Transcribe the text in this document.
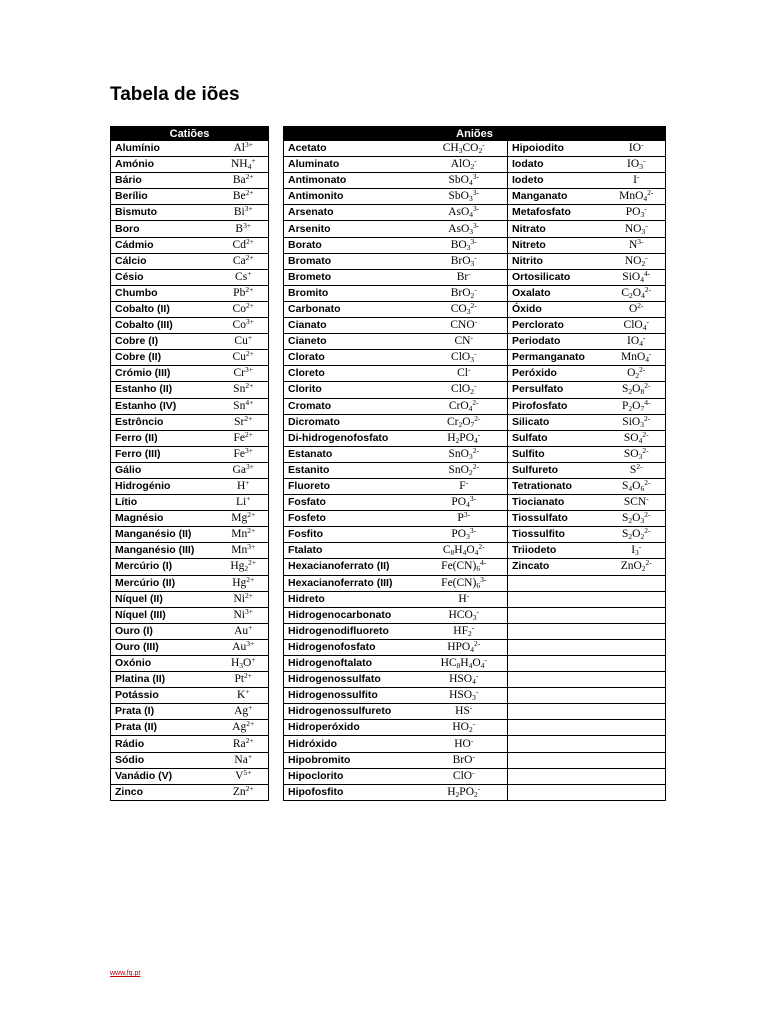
Tabela de iões
Catiões	
Alumínio	$Al^{3+}$
Amónio	$NH_4^+$
Bário	$Ba^{2+}$
Berílio	$Be^{2+}$
Bismuto	$Bi^{3+}$
Boro	$B^{3+}$
Cádmio	$Cd^{2+}$
Cálcio	$Ca^{2+}$
Césio	Cs+
Chumbo	$Pb^{2+}$
Cobalto (II)	$Co^{2+}$
Cobalto (III)	$Co^{3+}$
Cobre (I)	Cu+
Cobre (II)	$Cu^{2+}$
Crómio (III)	$Cr^{3+}$
Estanho (II)	$Sn^{2+}$
Estanho (IV)	$Sn^{4+}$
Estrôncio	$Sr^{2+}$
Ferro (II)	$Fe^{2+}$
Ferro (III)	$Fe^{3+}$
Gálio	$Ga^{3+}$
Hidrogénio	H+
Lítio	Li+
Magnésio	$Mg^{2+}$
Manganésio (II)	$Mn^{2+}$
Manganésio (III)	$Mn^{3+}$
Mercúrio (I)	$Hg_2^{2+}$
Mercúrio (II)	$Hg^{2+}$
Níquel (II)	$Ni^{2+}$
Níquel (III)	$Ni^{3+}$
Ouro (I)	Au+
Ouro (III)	$Au^{3+}$
Oxónio	$H_3O^+$
Platina (II)	$Pt^{2+}$
Potássio	K+
Prata (I)	Ag+
Prata (II)	$Ag^{2+}$
Rádio	$Ra^{2+}$
Sódio	Na+
Vanádio (V)	$V^{5+}$
Zinco	$Zn^{2+}$
Aniões			
Acetato	$CH_3CO_2^-$	Hipoiodito	IO-
Aluminato	AlO$_2$-	Iodato	$IO_3^-$
Antimonato	SbO$_4^{3-}$	Iodeto	I-
Antimonito	SbO$_3^{3-}$	Manganato	MnO$_4^{2-}$
Arsenato	AsO$_4^{3-}$	Metafosfato	$PO_3^-$
Arsenito	AsO$_3^{3-}$	Nitrato	$NO_3^-$
Borato	$BO_3^{3-}$	Nitreto	$N^{3-}$
Bromato	BrO$_3$-	Nitrito	$NO_2^-$
Brometo	Br-	Ortosilicato	SiO$_4^{4-}$
Bromito	BrO$_2$-	Oxalato	$C_2O_4^{2-}$
Carbonato	$CO_3^{2-}$	Óxido	$O^{2-}$
Cianato	CNO-	Perclorato	ClO$_4$-
Cianeto	CN-	Periodato	$IO_4^-$
Clorato	ClO$_3$-	Permanganato	MnO$_4$-
Cloreto	Cl-	Peróxido	$O_2^{2-}$
Clorito	ClO$_2$-	Persulfato	$S_2O_8^{2-}$
Cromato	CrO$_4^{2-}$	Pirofosfato	$P_2O_7^{4-}$
Dicromato	$Cr_2O_7^{2-}$	Silicato	SiO$_3^{2-}$
Di-hidrogenofosfato	$H_2PO_4^-$	Sulfato	$SO_4^{2-}$
Estanato	SnO$_3^{2-}$	Sulfito	$SO_3^{2-}$
Estanito	SnO$_2^{2-}$	Sulfureto	$S^{2-}$
Fluoreto	F-	Tetrationato	$S_4O_6^{2-}$
Fosfato	$PO_4^{3-}$	Tiocianato	SCN-
Fosfeto	$P^{3-}$	Tiossulfato	$S_2O_3^{2-}$
Fosfito	$PO_3^{3-}$	Tiossulfito	$S_2O_2^{2-}$
Ftalato	$C_8H_4O_4^{2-}$	Triiodeto	$I_3^-$
Hexacianoferrato (II)	$Fe(CN)_6^{4-}$	Zincato	ZnO$_2^{2-}$
Hexacianoferrato (III)	$Fe(CN)_6^{3-}$		
Hidreto	H-		
Hidrogenocarbonato	$HCO_3^-$		
Hidrogenodifluoreto	$HF_2^-$		
Hidrogenofosfato	$HPO_4^{2-}$		
Hidrogenoftalato	$HC_8H_4O_4^-$		
Hidrogenossulfato	$HSO_4^-$		
Hidrogenossulfito	$HSO_3^-$		
Hidrogenossulfureto	HS-		
Hidroperóxido	$HO_2^-$		
Hidróxido	HO-		
Hipobromito	BrO-		
Hipoclorito	ClO-		
Hipofosfito	$H_2PO_2^-$		
www.fq.pt
